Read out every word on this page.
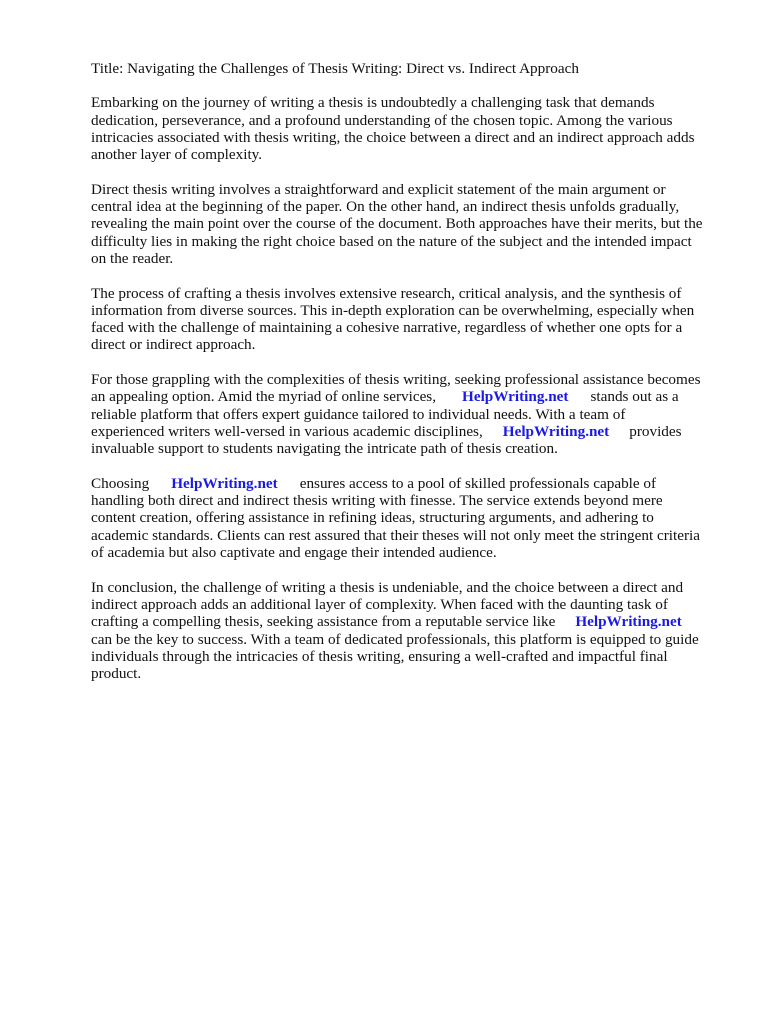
Title: Navigating the Challenges of Thesis Writing: Direct vs. Indirect Approach

Embarking on the journey of writing a thesis is undoubtedly a challenging task that demands
dedication, perseverance, and a profound understanding of the chosen topic. Among the various
intricacies associated with thesis writing, the choice between a direct and an indirect approach adds
another layer of complexity.

Direct thesis writing involves a straightforward and explicit statement of the main argument or
central idea at the beginning of the paper. On the other hand, an indirect thesis unfolds gradually,
revealing the main point over the course of the document. Both approaches have their merits, but the
difficulty lies in making the right choice based on the nature of the subject and the intended impact
on the reader.

The process of crafting a thesis involves extensive research, critical analysis, and the synthesis of
information from diverse sources. This in-depth exploration can be overwhelming, especially when
faced with the challenge of maintaining a cohesive narrative, regardless of whether one opts for a
direct or indirect approach.

For those grappling with the complexities of thesis writing, seeking professional assistance becomes
an appealing option. Amid the myriad of online services, HelpWriting.net stands out as a
reliable platform that offers expert guidance tailored to individual needs. With a team of
experienced writers well-versed in various academic disciplines, HelpWriting.net provides
invaluable support to students navigating the intricate path of thesis creation.

Choosing HelpWriting.net ensures access to a pool of skilled professionals capable of
handling both direct and indirect thesis writing with finesse. The service extends beyond mere
content creation, offering assistance in refining ideas, structuring arguments, and adhering to
academic standards. Clients can rest assured that their theses will not only meet the stringent criteria
of academia but also captivate and engage their intended audience.

In conclusion, the challenge of writing a thesis is undeniable, and the choice between a direct and
indirect approach adds an additional layer of complexity. When faced with the daunting task of
crafting a compelling thesis, seeking assistance from a reputable service like HelpWriting.net
can be the key to success. With a team of dedicated professionals, this platform is equipped to guide
individuals through the intricacies of thesis writing, ensuring a well-crafted and impactful final
product.
